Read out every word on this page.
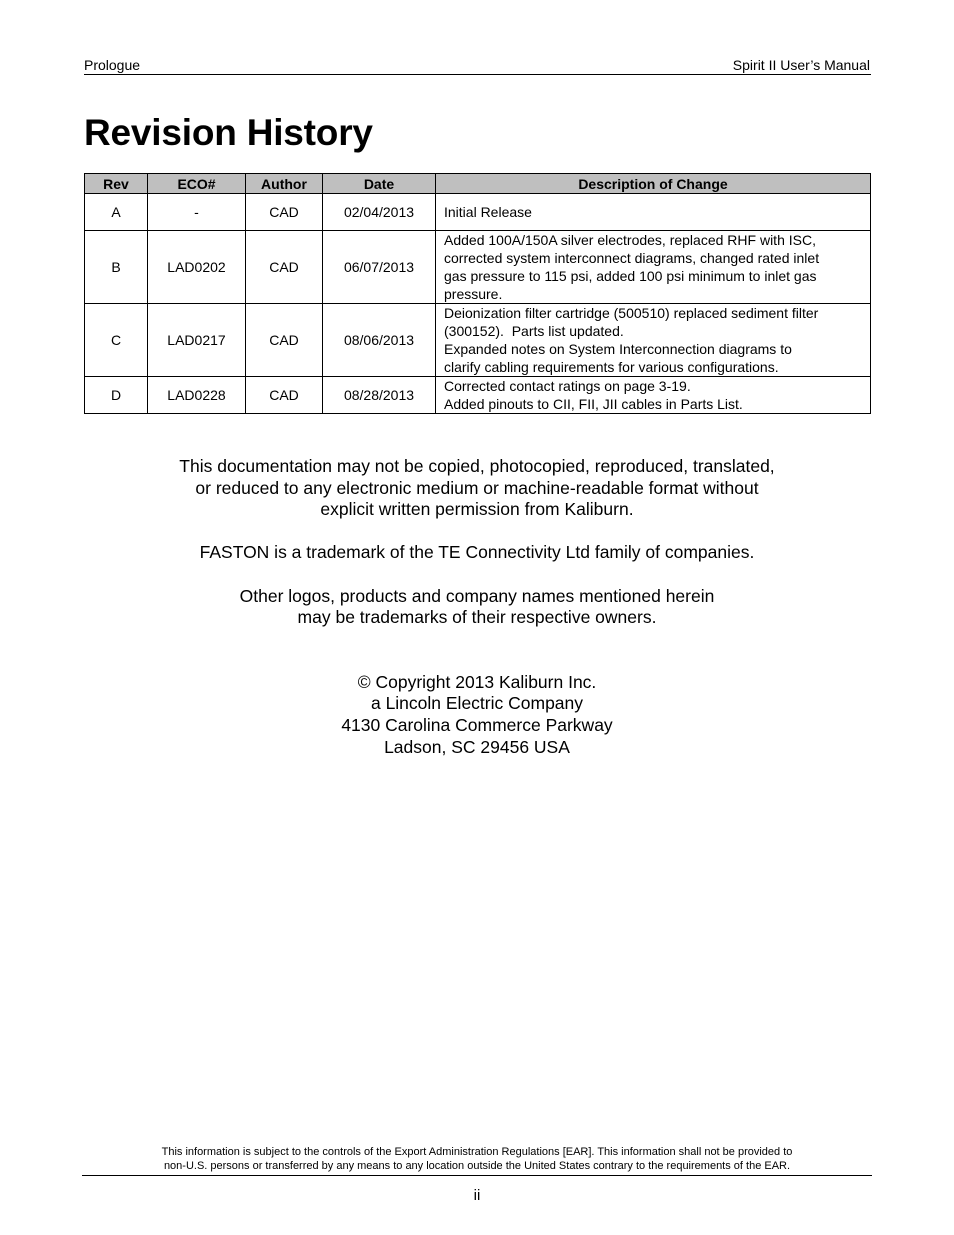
Prologue	Spirit II User’s Manual
Revision History
Rev	ECO#	Author	Date	Description of Change
A	-	CAD	02/04/2013	Initial Release

B	LAD0202	CAD	06/07/2013	Added 100A/150A silver electrodes, replaced RHF with ISC,
corrected system interconnect diagrams, changed rated inlet
gas pressure to 115 psi, added 100 psi minimum to inlet gas
pressure.

C	LAD0217	CAD	08/06/2013	Deionization filter cartridge (500510) replaced sediment filter
(300152).  Parts list updated.
Expanded notes on System Interconnection diagrams to
clarify cabling requirements for various configurations.

D	LAD0228	CAD	08/28/2013	Corrected contact ratings on page 3-19.
Added pinouts to CII, FII, JII cables in Parts List.

This documentation may not be copied, photocopied, reproduced, translated,

or reduced to any electronic medium or machine-readable format without

explicit written permission from Kaliburn.

FASTON is a trademark of the TE Connectivity Ltd family of companies.

Other logos, products and company names mentioned herein

may be trademarks of their respective owners.

© Copyright 2013 Kaliburn Inc.

a Lincoln Electric Company

4130 Carolina Commerce Parkway

Ladson, SC 29456 USA

This information is subject to the controls of the Export Administration Regulations [EAR]. This information shall not be provided to
non-U.S. persons or transferred by any means to any location outside the United States contrary to the requirements of the EAR.
ii
